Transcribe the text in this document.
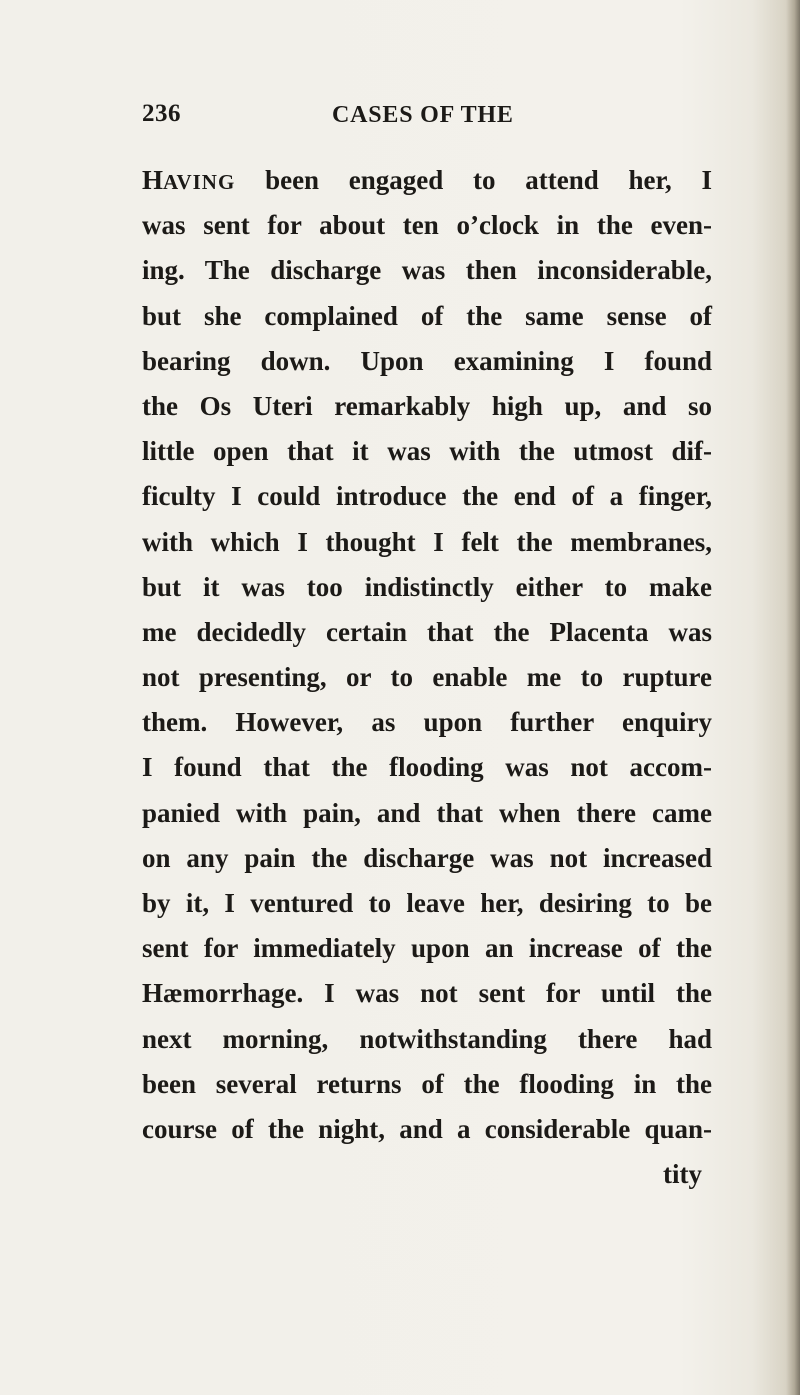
236	CASES OF THE
HAVING been engaged to attend her, I
was sent for about ten o’clock in the even-
ing. The discharge was then inconsiderable,
but she complained of the same sense of
bearing down. Upon examining I found
the Os Uteri remarkably high up, and so
little open that it was with the utmost dif-
ficulty I could introduce the end of a finger,
with which I thought I felt the membranes,
but it was too indistinctly either to make
me decidedly certain that the Placenta was
not presenting, or to enable me to rupture
them. However, as upon further enquiry
I found that the flooding was not accom-
panied with pain, and that when there came
on any pain the discharge was not increased
by it, I ventured to leave her, desiring to be
sent for immediately upon an increase of the
Hæmorrhage. I was not sent for until the
next morning, notwithstanding there had
been several returns of the flooding in the
course of the night, and a considerable quan-
tity
